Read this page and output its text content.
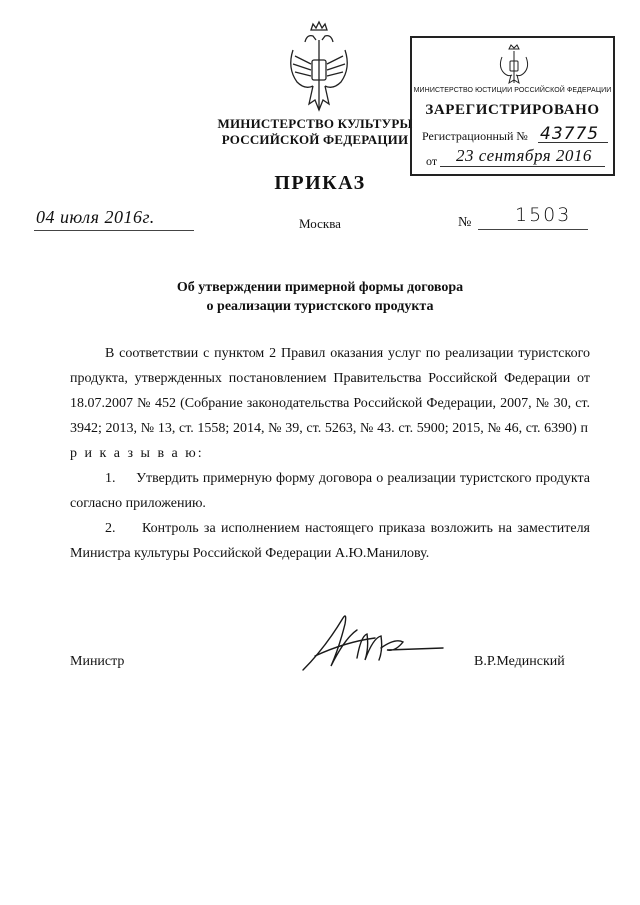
МИНИСТЕРСТВО КУЛЬТУРЫ
РОССИЙСКОЙ ФЕДЕРАЦИИ
МИНИСТЕРСТВО ЮСТИЦИИ РОССИЙСКОЙ ФЕДЕРАЦИИ
ЗАРЕГИСТРИРОВАНО
Регистрационный № 43775
от 23 сентября 2016
ПРИКАЗ
04 июля 2016г.	Москва	№ 1503
Об утверждении примерной формы договора
о реализации туристского продукта
В соответствии с пунктом 2 Правил оказания услуг по реализации туристского продукта, утвержденных постановлением Правительства Российской Федерации от 18.07.2007 № 452 (Собрание законодательства Российской Федерации, 2007, № 30, ст. 3942; 2013, № 13, ст. 1558; 2014, № 39, ст. 5263, № 43. ст. 5900; 2015, № 46, ст. 6390) п р и к а з ы в а ю:
1.     Утвердить примерную форму договора о реализации туристского продукта согласно приложению.
2.     Контроль за исполнением настоящего приказа возложить на заместителя Министра культуры Российской Федерации А.Ю.Манилову.
Министр	В.Р.Мединский
